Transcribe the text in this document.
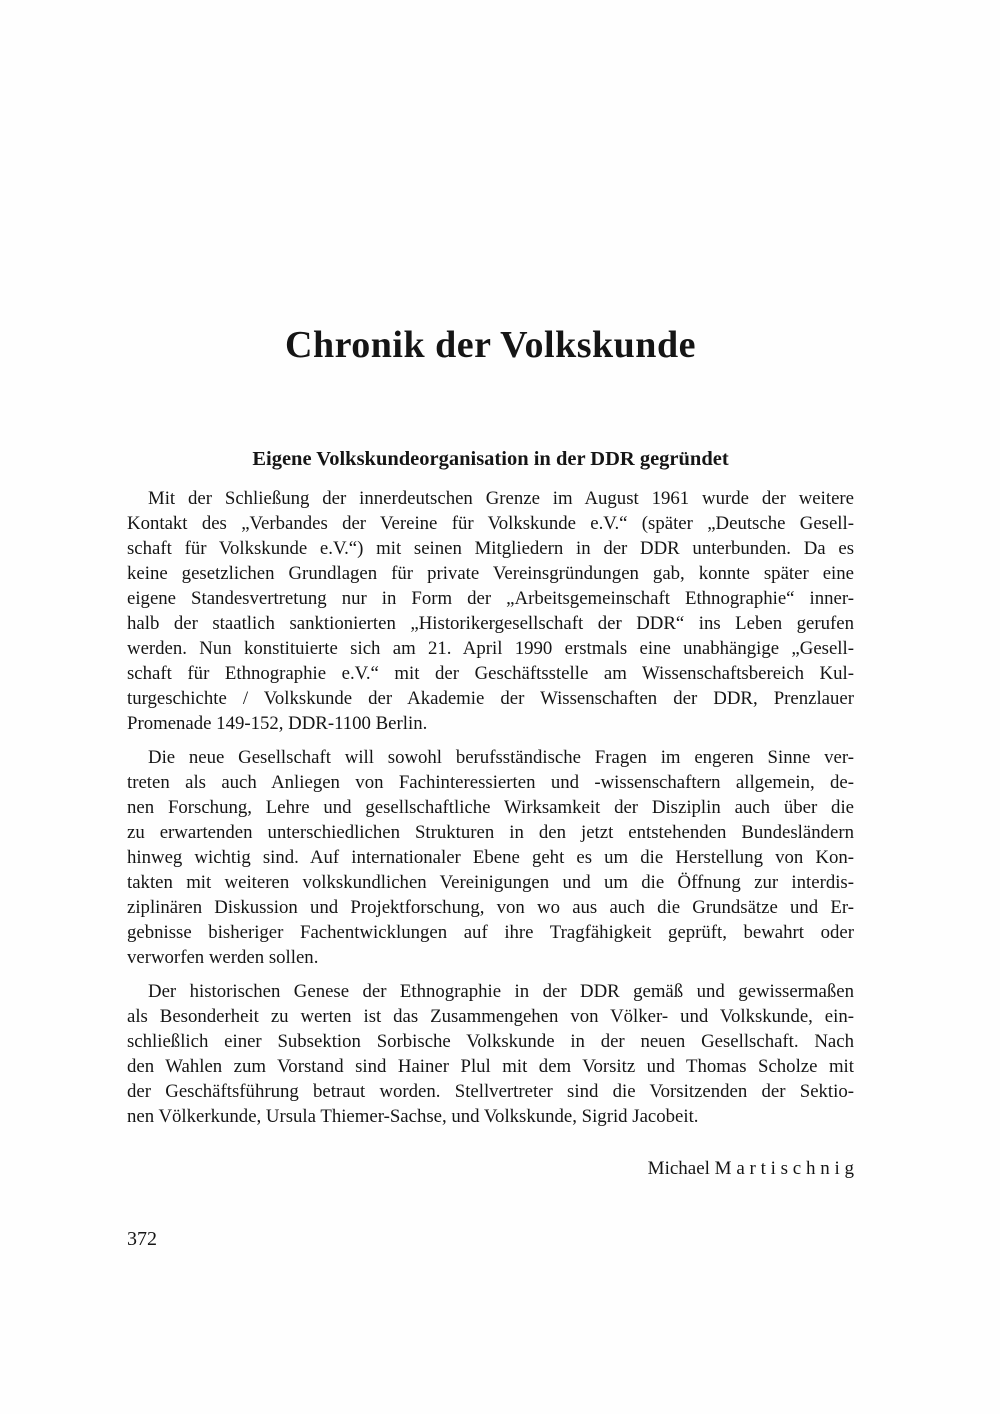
Chronik der Volkskunde
Eigene Volkskundeorganisation in der DDR gegründet
Mit der Schließung der innerdeutschen Grenze im August 1961 wurde der weitere
Kontakt des „Verbandes der Vereine für Volkskunde e.V.“ (später „Deutsche Gesell-
schaft für Volkskunde e.V.“) mit seinen Mitgliedern in der DDR unterbunden. Da es
keine gesetzlichen Grundlagen für private Vereinsgründungen gab, konnte später eine
eigene Standesvertretung nur in Form der „Arbeitsgemeinschaft Ethnographie“ inner-
halb der staatlich sanktionierten „Historikergesellschaft der DDR“ ins Leben gerufen
werden. Nun konstituierte sich am 21. April 1990 erstmals eine unabhängige „Gesell-
schaft für Ethnographie e.V.“ mit der Geschäftsstelle am Wissenschaftsbereich Kul-
turgeschichte / Volkskunde der Akademie der Wissenschaften der DDR, Prenzlauer
Promenade 149-152, DDR-1100 Berlin.
Die neue Gesellschaft will sowohl berufsständische Fragen im engeren Sinne ver-
treten als auch Anliegen von Fachinteressierten und -wissenschaftern allgemein, de-
nen Forschung, Lehre und gesellschaftliche Wirksamkeit der Disziplin auch über die
zu erwartenden unterschiedlichen Strukturen in den jetzt entstehenden Bundesländern
hinweg wichtig sind. Auf internationaler Ebene geht es um die Herstellung von Kon-
takten mit weiteren volkskundlichen Vereinigungen und um die Öffnung zur interdis-
ziplinären Diskussion und Projektforschung, von wo aus auch die Grundsätze und Er-
gebnisse bisheriger Fachentwicklungen auf ihre Tragfähigkeit geprüft, bewahrt oder
verworfen werden sollen.
Der historischen Genese der Ethnographie in der DDR gemäß und gewissermaßen
als Besonderheit zu werten ist das Zusammengehen von Völker- und Volkskunde, ein-
schließlich einer Subsektion Sorbische Volkskunde in der neuen Gesellschaft. Nach
den Wahlen zum Vorstand sind Hainer Plul mit dem Vorsitz und Thomas Scholze mit
der Geschäftsführung betraut worden. Stellvertreter sind die Vorsitzenden der Sektio-
nen Völkerkunde, Ursula Thiemer-Sachse, und Volkskunde, Sigrid Jacobeit.
Michael M a r t i s c h n i g
372
